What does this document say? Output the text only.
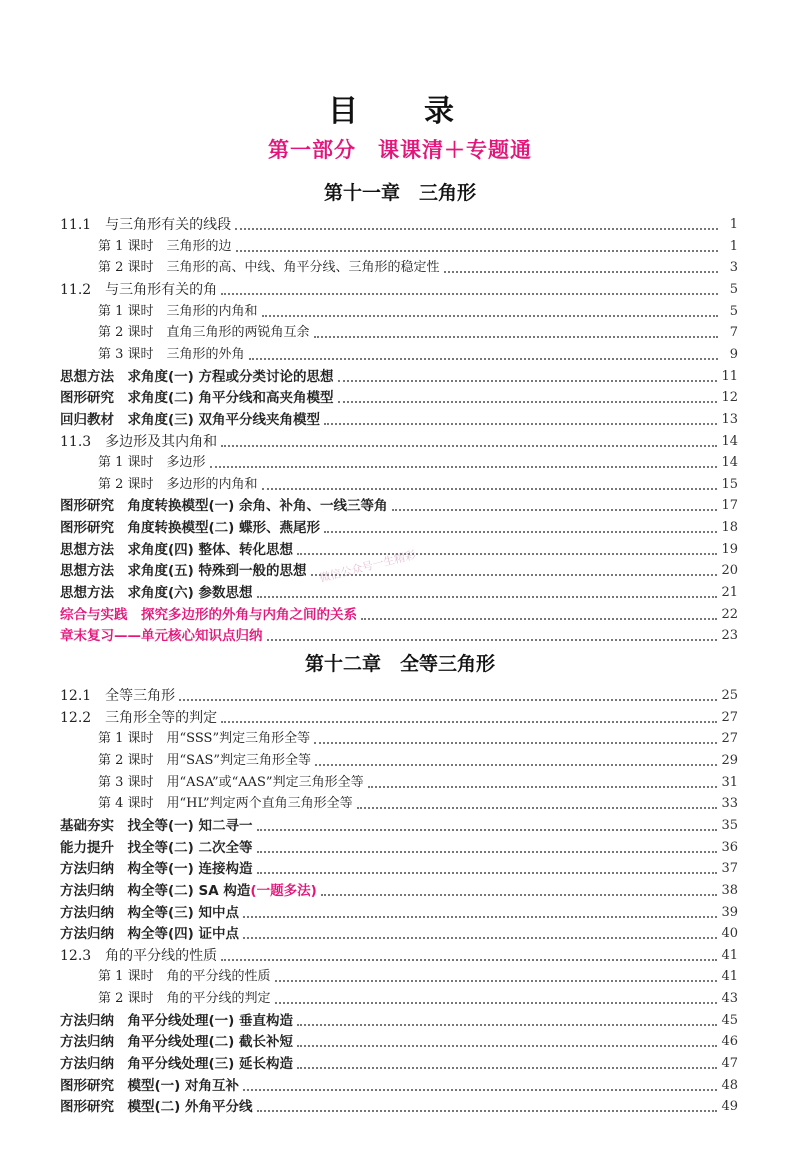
目　录
第一部分　课课清＋专题通
微信公众号一生精彩
第十一章　三角形
11.1　与三角形有关的线段	1
第 1 课时　三角形的边	1
第 2 课时　三角形的高、中线、角平分线、三角形的稳定性	3
11.2　与三角形有关的角	5
第 1 课时　三角形的内角和	5
第 2 课时　直角三角形的两锐角互余	7
第 3 课时　三角形的外角	9
思想方法　求角度(一) 方程或分类讨论的思想	11
图形研究　求角度(二) 角平分线和高夹角模型	12
回归教材　求角度(三) 双角平分线夹角模型	13
11.3　多边形及其内角和	14
第 1 课时　多边形	14
第 2 课时　多边形的内角和	15
图形研究　角度转换模型(一) 余角、补角、一线三等角	17
图形研究　角度转换模型(二) 蝶形、燕尾形	18
思想方法　求角度(四) 整体、转化思想	19
思想方法　求角度(五) 特殊到一般的思想	20
思想方法　求角度(六) 参数思想	21
综合与实践　探究多边形的外角与内角之间的关系	22
章末复习——单元核心知识点归纳	23
第十二章　全等三角形
12.1　全等三角形	25
12.2　三角形全等的判定	27
第 1 课时　用“SSS”判定三角形全等	27
第 2 课时　用“SAS”判定三角形全等	29
第 3 课时　用“ASA”或“AAS”判定三角形全等	31
第 4 课时　用“HL”判定两个直角三角形全等	33
基础夯实　找全等(一) 知二寻一	35
能力提升　找全等(二) 二次全等	36
方法归纳　构全等(一) 连接构造	37
方法归纳　构全等(二) SA 构造(一题多法)	38
方法归纳　构全等(三) 知中点	39
方法归纳　构全等(四) 证中点	40
12.3　角的平分线的性质	41
第 1 课时　角的平分线的性质	41
第 2 课时　角的平分线的判定	43
方法归纳　角平分线处理(一) 垂直构造	45
方法归纳　角平分线处理(二) 截长补短	46
方法归纳　角平分线处理(三) 延长构造	47
图形研究　模型(一) 对角互补	48
图形研究　模型(二) 外角平分线	49
